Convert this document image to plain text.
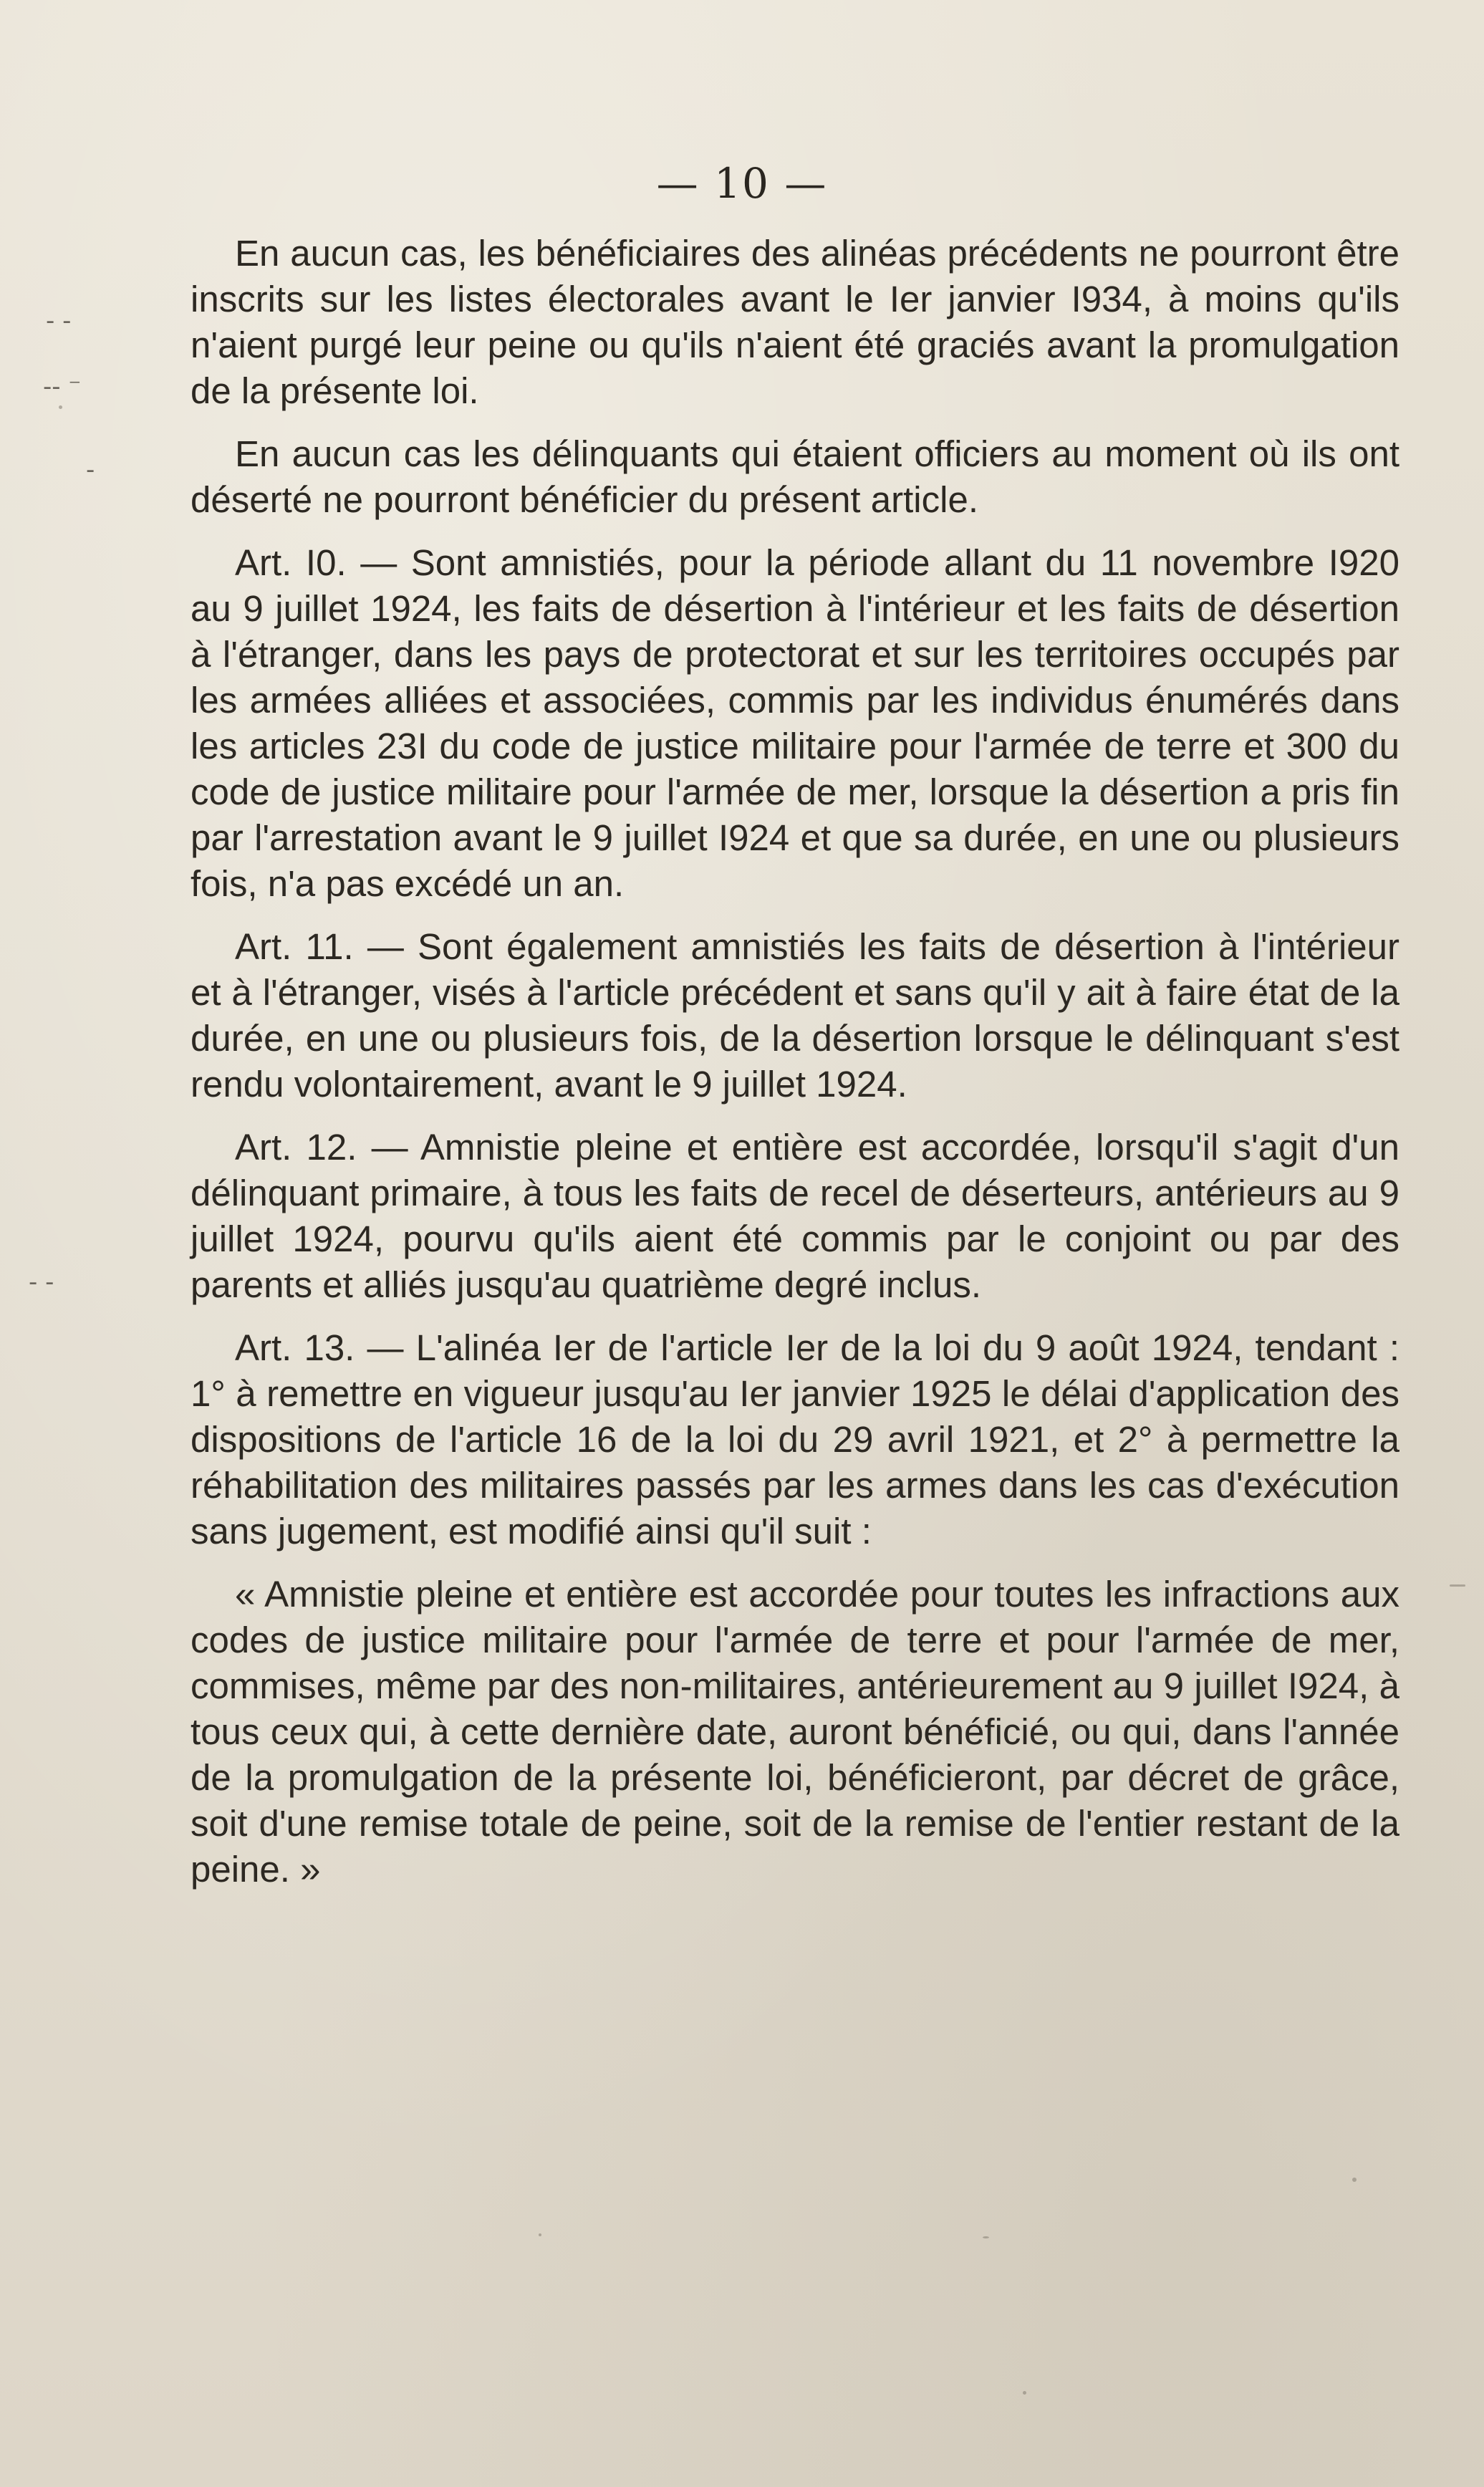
— 10 —

En aucun cas, les bénéficiaires des alinéas précédents ne pourront être inscrits sur les listes électorales avant le Ier janvier I934, à moins qu'ils n'aient purgé leur peine ou qu'ils n'aient été graciés avant la promulgation de la présente loi.

En aucun cas les délinquants qui étaient officiers au moment où ils ont déserté ne pourront bénéficier du présent article.

Art. I0. — Sont amnistiés, pour la période allant du 11 novembre I920 au 9 juillet 1924, les faits de désertion à l'intérieur et les faits de désertion à l'étranger, dans les pays de protectorat et sur les territoires occupés par les armées alliées et associées, commis par les individus énumérés dans les articles 23I du code de justice militaire pour l'armée de terre et 300 du code de justice militaire pour l'armée de mer, lorsque la désertion a pris fin par l'arrestation avant le 9 juillet I924 et que sa durée, en une ou plusieurs fois, n'a pas excédé un an.

Art. 11. — Sont également amnistiés les faits de désertion à l'intérieur et à l'étranger, visés à l'article précédent et sans qu'il y ait à faire état de la durée, en une ou plusieurs fois, de la désertion lorsque le délinquant s'est rendu volontairement, avant le 9 juillet 1924.

Art. 12. — Amnistie pleine et entière est accordée, lorsqu'il s'agit d'un délinquant primaire, à tous les faits de recel de déserteurs, antérieurs au 9 juillet 1924, pourvu qu'ils aient été commis par le conjoint ou par des parents et alliés jusqu'au quatrième degré inclus.

Art. 13. — L'alinéa Ier de l'article Ier de la loi du 9 août 1924, tendant : 1° à remettre en vigueur jusqu'au Ier janvier 1925 le délai d'application des dispositions de l'article 16 de la loi du 29 avril 1921, et 2° à permettre la réhabilitation des militaires passés par les armes dans les cas d'exécution sans jugement, est modifié ainsi qu'il suit :

« Amnistie pleine et entière est accordée pour toutes les infractions aux codes de justice militaire pour l'armée de terre et pour l'armée de mer, commises, même par des non-militaires, antérieurement au 9 juillet I924, à tous ceux qui, à cette dernière date, auront bénéficié, ou qui, dans l'année de la promulgation de la présente loi, bénéficieront, par décret de grâce, soit d'une remise totale de peine, soit de la remise de l'entier restant de la peine. »

- -
‐‐ ⁻
-
- ‐
